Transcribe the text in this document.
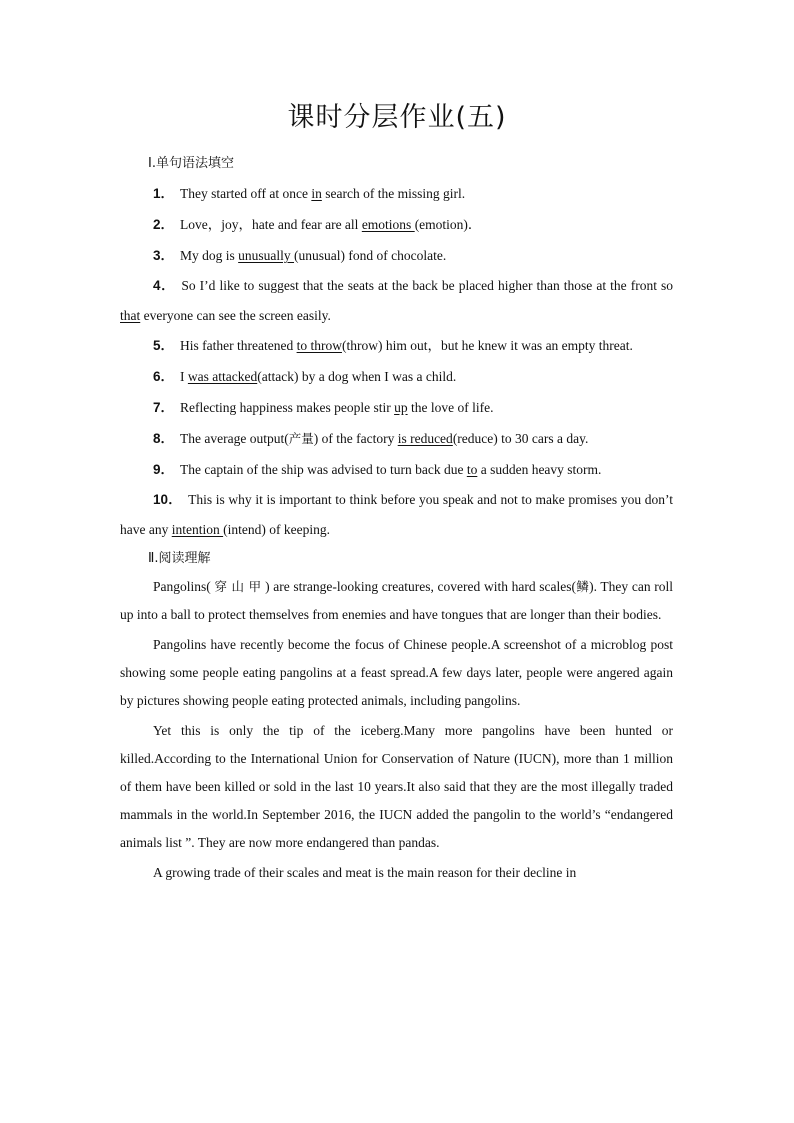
课时分层作业(五)
Ⅰ.单句语法填空

1． They started off at once in search of the missing girl.

2． Love，joy，hate and fear are all emotions (emotion)．

3． My dog is unusually (unusual) fond of chocolate.

4． So I’d like to suggest that the seats at the back be placed higher than those at the front so that everyone can see the screen easily.

5． His father threatened to throw(throw) him out，but he knew it was an empty threat.

6． I was attacked(attack) by a dog when I was a child.

7． Reflecting happiness makes people stir up the love of life.

8． The average output(产量) of the factory is reduced(reduce) to 30 cars a day.

9． The captain of the ship was advised to turn back due to a sudden heavy storm.

10． This is why it is important to think before you speak and not to make promises you don’t have any intention (intend) of keeping.

Ⅱ.阅读理解

Pangolins( 穿 山 甲 ) are strange-looking creatures, covered with hard scales(鳞). They can roll up into a ball to protect themselves from enemies and have tongues that are longer than their bodies.

Pangolins have recently become the focus of Chinese people.A screenshot of a microblog post showing some people eating pangolins at a feast spread.A few days later, people were angered again by pictures showing people eating protected animals, including pangolins.

Yet this is only the tip of the iceberg.Many more pangolins have been hunted or killed.According to the International Union for Conservation of Nature (IUCN), more than 1 million of them have been killed or sold in the last 10 years.It also said that they are the most illegally traded mammals in the world.In September 2016, the IUCN added the pangolin to the world’s “endangered animals list ”. They are now more endangered than pandas.

A growing trade of their scales and meat is the main reason for their decline in
